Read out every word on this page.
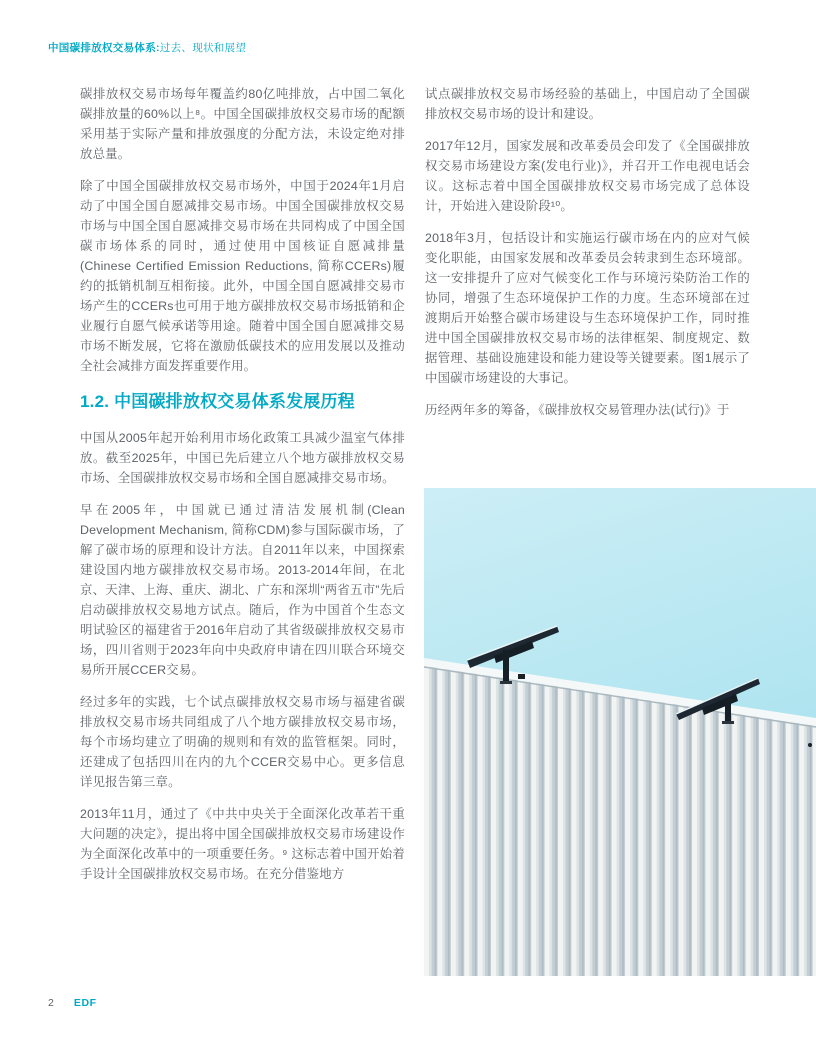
中国碳排放权交易体系:过去、现状和展望

碳排放权交易市场每年覆盖约80亿吨排放，占中国二氧化碳排放量的60%以上⁸。中国全国碳排放权交易市场的配额采用基于实际产量和排放强度的分配方法，未设定绝对排放总量。

除了中国全国碳排放权交易市场外，中国于2024年1月启动了中国全国自愿减排交易市场。中国全国碳排放权交易市场与中国全国自愿减排交易市场在共同构成了中国全国碳市场体系的同时，通过使用中国核证自愿减排量(Chinese Certified Emission Reductions, 简称CCERs)履约的抵销机制互相衔接。此外，中国全国自愿减排交易市场产生的CCERs也可用于地方碳排放权交易市场抵销和企业履行自愿气候承诺等用途。随着中国全国自愿减排交易市场不断发展，它将在激励低碳技术的应用发展以及推动全社会减排方面发挥重要作用。

1.2. 中国碳排放权交易体系发展历程

中国从2005年起开始利用市场化政策工具减少温室气体排放。截至2025年，中国已先后建立八个地方碳排放权交易市场、全国碳排放权交易市场和全国自愿减排交易市场。

早在2005年，中国就已通过清洁发展机制(Clean Development Mechanism, 简称CDM)参与国际碳市场，了解了碳市场的原理和设计方法。自2011年以来，中国探索建设国内地方碳排放权交易市场。2013-2014年间，在北京、天津、上海、重庆、湖北、广东和深圳“两省五市”先后启动碳排放权交易地方试点。随后，作为中国首个生态文明试验区的福建省于2016年启动了其省级碳排放权交易市场，四川省则于2023年向中央政府申请在四川联合环境交易所开展CCER交易。

经过多年的实践，七个试点碳排放权交易市场与福建省碳排放权交易市场共同组成了八个地方碳排放权交易市场，每个市场均建立了明确的规则和有效的监管框架。同时，还建成了包括四川在内的九个CCER交易中心。更多信息详见报告第三章。

2013年11月，通过了《中共中央关于全面深化改革若干重大问题的决定》，提出将中国全国碳排放权交易市场建设作为全面深化改革中的一项重要任务。⁹ 这标志着中国开始着手设计全国碳排放权交易市场。在充分借鉴地方

试点碳排放权交易市场经验的基础上，中国启动了全国碳排放权交易市场的设计和建设。

2017年12月，国家发展和改革委员会印发了《全国碳排放权交易市场建设方案(发电行业)》，并召开工作电视电话会议。这标志着中国全国碳排放权交易市场完成了总体设计，开始进入建设阶段¹⁰。

2018年3月，包括设计和实施运行碳市场在内的应对气候变化职能，由国家发展和改革委员会转隶到生态环境部。这一安排提升了应对气候变化工作与环境污染防治工作的协同，增强了生态环境保护工作的力度。生态环境部在过渡期后开始整合碳市场建设与生态环境保护工作，同时推进中国全国碳排放权交易市场的法律框架、制度规定、数据管理、基础设施建设和能力建设等关键要素。图1展示了中国碳市场建设的大事记。

历经两年多的筹备，《碳排放权交易管理办法(试行)》于

2 EDF
